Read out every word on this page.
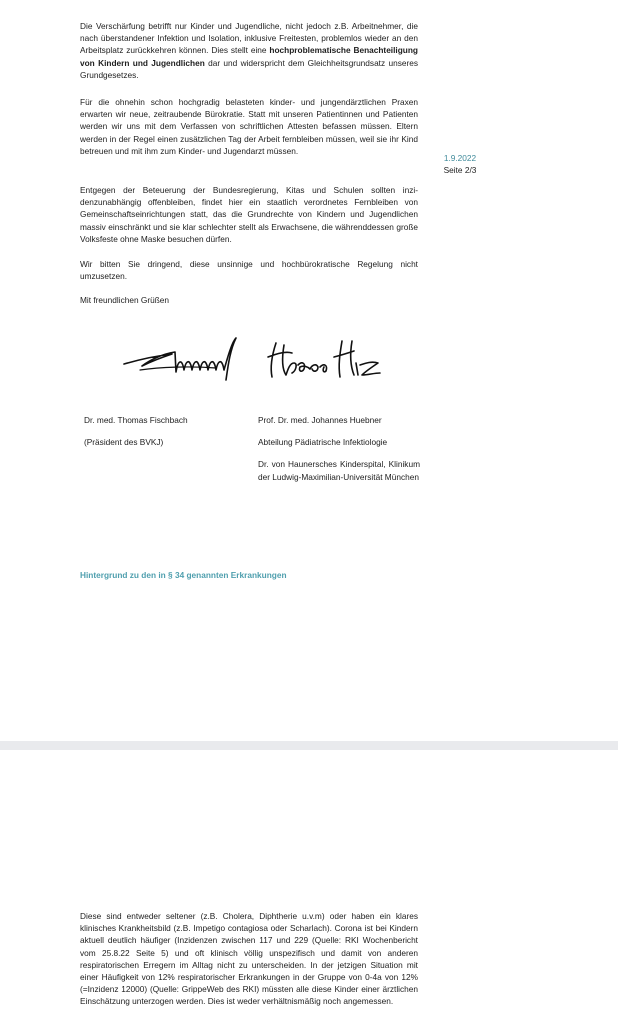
Die Verschärfung betrifft nur Kinder und Jugendliche, nicht jedoch z.B. Arbeitnehmer, die nach überstandener Infektion und Isolation, inklusive Freitesten, problemlos wieder an den Arbeitsplatz zurückkehren können. Dies stellt eine hochproblematische Benachteiligung von Kindern und Jugendlichen dar und widerspricht dem Gleichheitsgrundsatz unseres Grundgesetzes.

Für die ohnehin schon hochgradig belasteten kinder- und jungendärztlichen Praxen erwarten wir neue, zeitraubende Bürokratie. Statt mit unseren Patientinnen und Patienten werden wir uns mit dem Verfassen von schriftlichen Attesten befassen müssen. Eltern werden in der Regel einen zusätzlichen Tag der Arbeit fernbleiben müssen, weil sie ihr Kind betreuen und mit ihm zum Kinder- und Jugendarzt müssen.

Entgegen der Beteuerung der Bundesregierung, Kitas und Schulen sollten inzidenzunabhängig offenbleiben, findet hier ein staatlich verordnetes Fernbleiben von Gemeinschaftseinrichtungen statt, das die Grundrechte von Kindern und Jugendlichen massiv einschränkt und sie klar schlechter stellt als Erwachsene, die währenddessen große Volksfeste ohne Maske besuchen dürfen.

Wir bitten Sie dringend, diese unsinnige und hochbürokratische Regelung nicht umzusetzen.

Mit freundlichen Grüßen

1.9.2022
Seite 2/3
Dr. med. Thomas Fischbach
(Präsident des BVKJ)
Prof. Dr. med. Johannes Huebner
Abteilung Pädiatrische Infektiologie
Dr. von Haunersches Kinderspital, Klinikum der Ludwig-Maximilian-Universität München
Hintergrund zu den in § 34 genannten Erkrankungen

Diese sind entweder seltener (z.B. Cholera, Diphtherie u.v.m) oder haben ein klares klinisches Krankheitsbild (z.B. Impetigo contagiosa oder Scharlach). Corona ist bei Kindern aktuell deutlich häufiger (Inzidenzen zwischen 117 und 229 (Quelle: RKI Wochenbericht vom 25.8.22 Seite 5) und oft klinisch völlig unspezifisch und damit von anderen respiratorischen Erregern im Alltag nicht zu unterscheiden. In der jetzigen Situation mit einer Häufigkeit von 12% respiratorischer Erkrankungen in der Gruppe von 0-4a von 12% (=Inzidenz 12000) (Quelle: GrippeWeb des RKI) müssten alle diese Kinder einer ärztlichen Einschätzung unterzogen werden. Dies ist weder verhältnismäßig noch angemessen.
